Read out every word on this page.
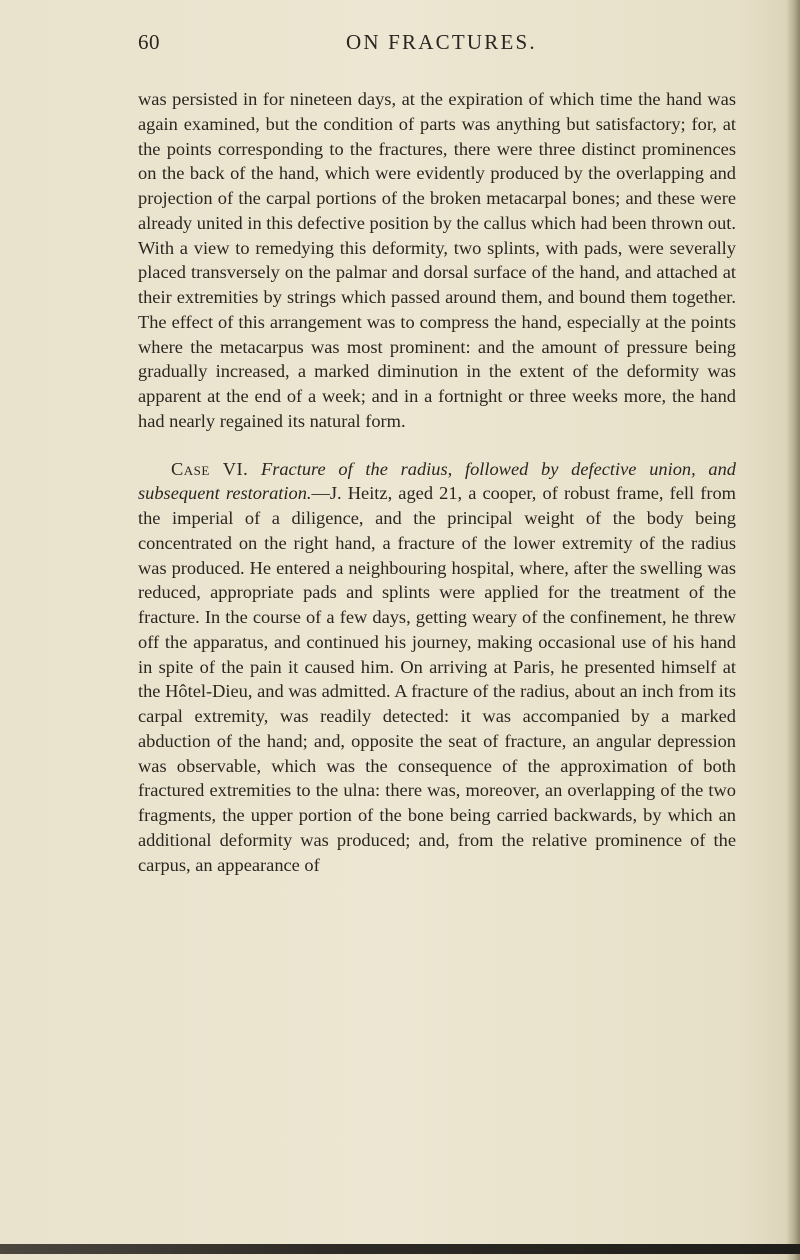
60	ON FRACTURES.

was persisted in for nineteen days, at the expiration of which time the hand was again examined, but the condition of parts was anything but satisfactory; for, at the points corresponding to the fractures, there were three distinct prominences on the back of the hand, which were evidently produced by the overlapping and projection of the carpal portions of the broken metacarpal bones; and these were already united in this defective position by the callus which had been thrown out. With a view to remedying this deformity, two splints, with pads, were severally placed transversely on the palmar and dorsal surface of the hand, and attached at their extremities by strings which passed around them, and bound them together. The effect of this arrangement was to compress the hand, especially at the points where the metacarpus was most prominent: and the amount of pressure being gradually increased, a marked diminution in the extent of the deformity was apparent at the end of a week; and in a fortnight or three weeks more, the hand had nearly regained its natural form.

Case VI. Fracture of the radius, followed by defective union, and subsequent restoration.—J. Heitz, aged 21, a cooper, of robust frame, fell from the imperial of a diligence, and the principal weight of the body being concentrated on the right hand, a fracture of the lower extremity of the radius was produced. He entered a neighbouring hospital, where, after the swelling was reduced, appropriate pads and splints were applied for the treatment of the fracture. In the course of a few days, getting weary of the confinement, he threw off the apparatus, and continued his journey, making occasional use of his hand in spite of the pain it caused him. On arriving at Paris, he presented himself at the Hôtel-Dieu, and was admitted. A fracture of the radius, about an inch from its carpal extremity, was readily detected: it was accompanied by a marked abduction of the hand; and, opposite the seat of fracture, an angular depression was observable, which was the consequence of the approximation of both fractured extremities to the ulna: there was, moreover, an overlapping of the two fragments, the upper portion of the bone being carried backwards, by which an additional deformity was produced; and, from the relative prominence of the carpus, an appearance of
